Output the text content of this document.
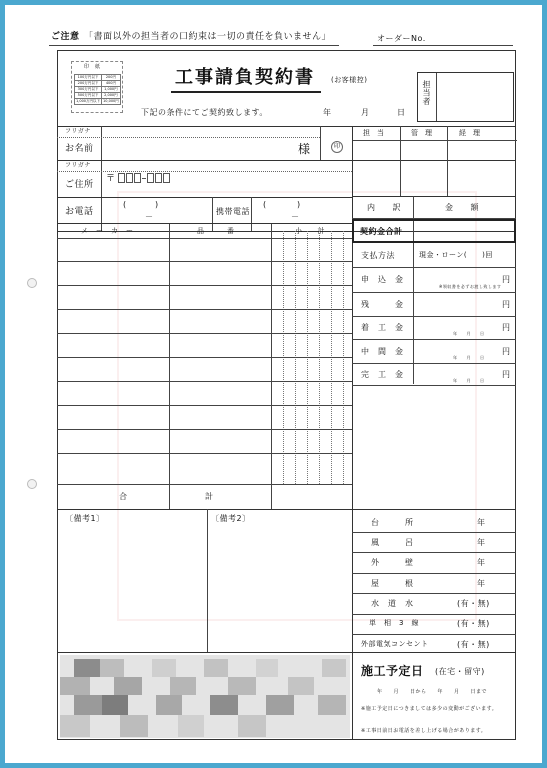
ご注意 「書面以外の担当者の口約束は一切の責任を負いません」	オーダーNo.
印　紙
100万円以下	200円
200万円以下	400円
300万円以下	1,000円
500万円以下	2,000円
1,000万円以下	10,000円
工事請負契約書 (お客様控)
下記の条件にてご契約致します。	年	月	日
担当者
フリガナ
お名前	様	印
フリガナ
ご住所
〒
お電話
(	)
－
携帯電話
(	)
－
担 当	管 理	経 理
メ　ー　カ　ー	品　　　番	小　　計
合	計
内　　訳	金　　額
契約金合計
支払方法	現金・ローン(　　)回
申　込　金	円
※領収書を必ずお渡し致します
残　　　金	円
着　工　金	円
年　　月　　日
中　間　金	円
年　　月　　日
完　工　金	円
年　　月　　日
〔備考1〕	〔備考2〕	台　　　所	年
風　　　呂	年
外　　　壁	年
屋　　　根	年
水　道　水	(有・無)
単　相　3　線	(有・無)
外部電気コンセント	(有・無)
施工予定日 (在宅・留守)
年　　月　　日から　　年　　月　　日まで
※施工予定日につきましては多少の変動がございます。
※工事日前日お電話を差し上げる場合があります。
